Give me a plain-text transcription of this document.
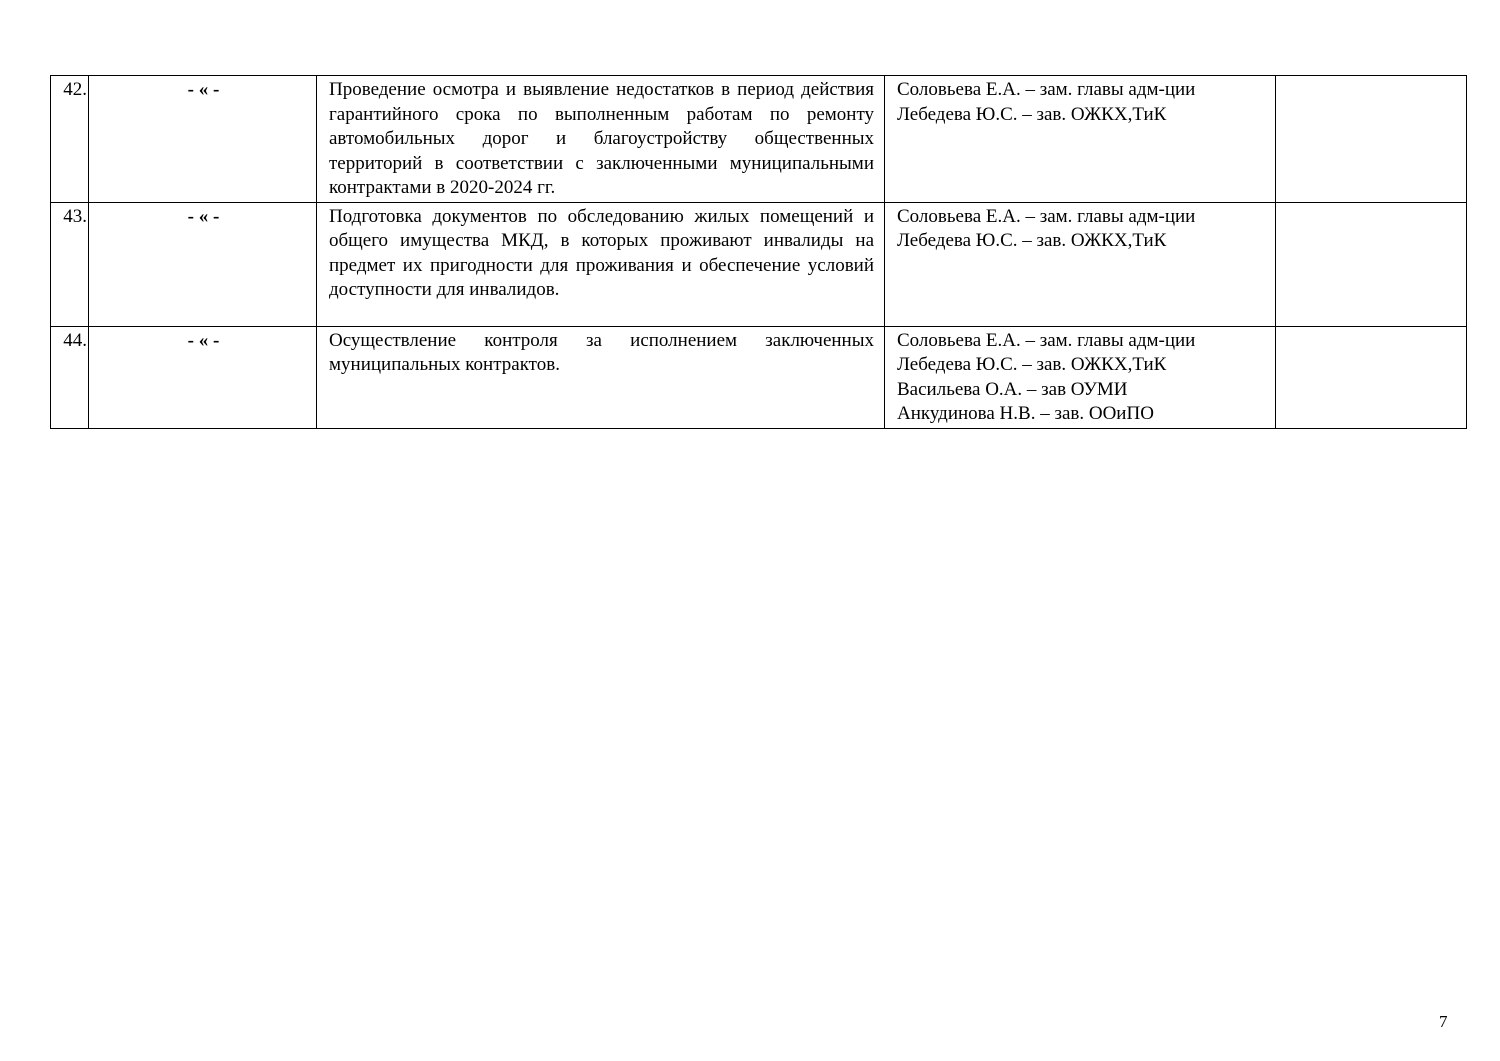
42.	- « -	Проведение осмотра и выявление недостатков в период действия гарантийного срока по выполненным работам по ремонту автомобильных дорог и благоустройству общественных территорий в соответствии с заключенными муниципальными контрактами в 2020-2024 гг.	Соловьева Е.А. – зам. главы адм-ции
Лебедева Ю.С. – зав. ОЖКХ,ТиК	

43.	- « -	Подготовка документов по обследованию жилых помещений и общего имущества МКД, в которых проживают инвалиды на предмет их пригодности для проживания и обеспечение условий доступности для инвалидов.	Соловьева Е.А. – зам. главы адм-ции
Лебедева Ю.С. – зав. ОЖКХ,ТиК	

44.	- « -	Осуществление контроля за исполнением заключенных муниципальных контрактов.	Соловьева Е.А. – зам. главы адм-ции
Лебедева Ю.С. – зав. ОЖКХ,ТиК
Васильева О.А. – зав ОУМИ
Анкудинова Н.В. – зав. ООиПО	

7
